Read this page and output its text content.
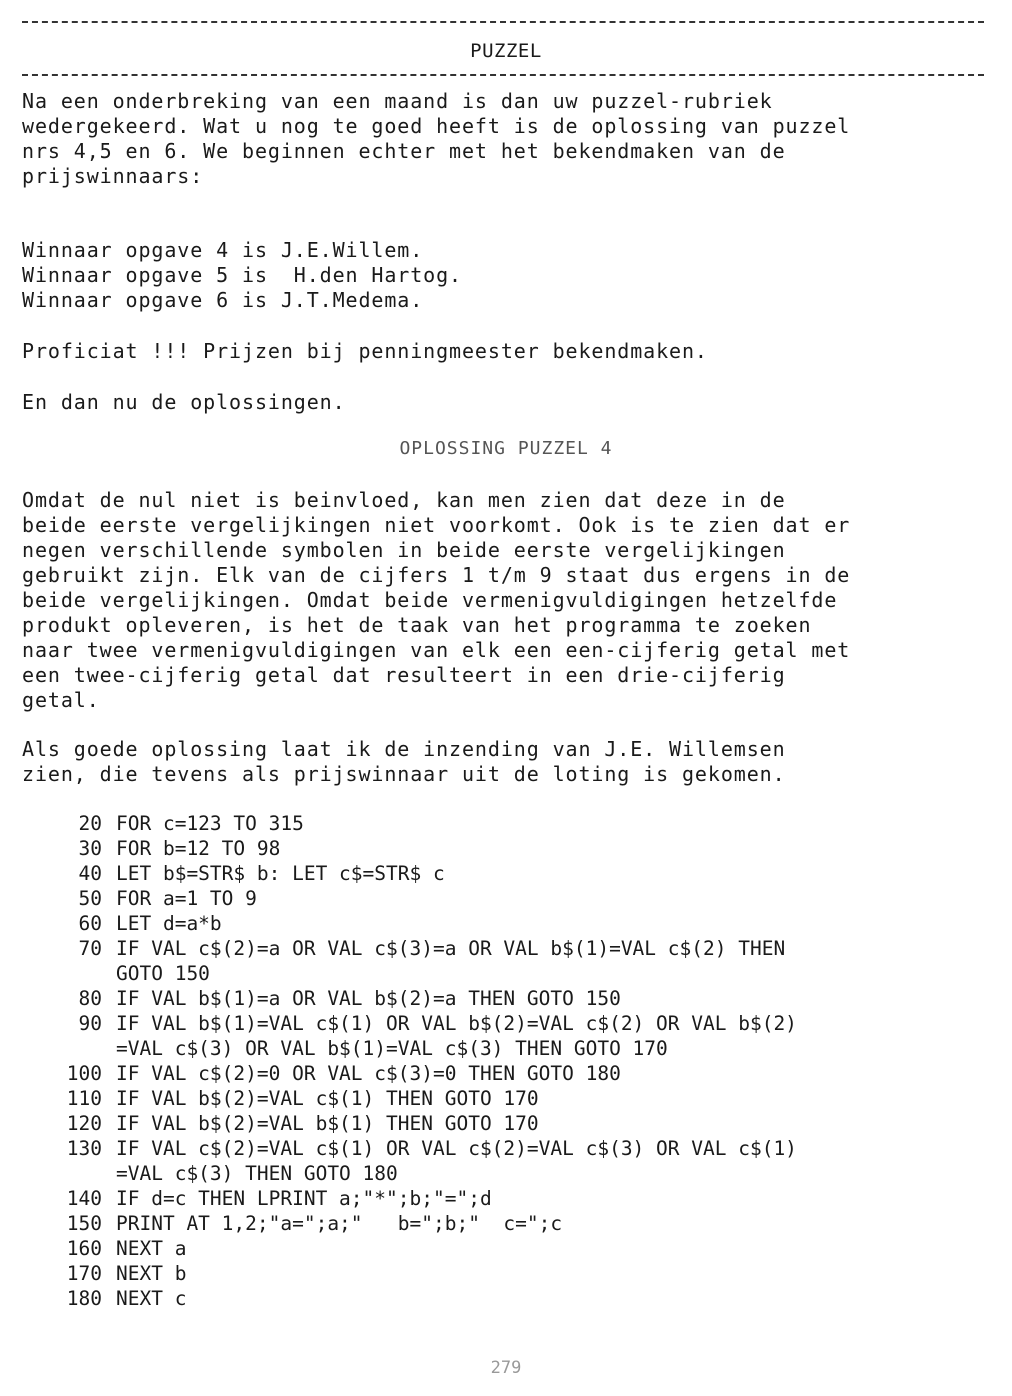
PUZZEL
Na een onderbreking van een maand is dan uw puzzel-rubriek
wedergekeerd. Wat u nog te goed heeft is de oplossing van puzzel
nrs 4,5 en 6. We beginnen echter met het bekendmaken van de
prijswinnaars:
Winnaar opgave 4 is J.E.Willem.
Winnaar opgave 5 is  H.den Hartog.
Winnaar opgave 6 is J.T.Medema.
Proficiat !!! Prijzen bij penningmeester bekendmaken.
En dan nu de oplossingen.
OPLOSSING PUZZEL 4
Omdat de nul niet is beinvloed, kan men zien dat deze in de
beide eerste vergelijkingen niet voorkomt. Ook is te zien dat er
negen verschillende symbolen in beide eerste vergelijkingen
gebruikt zijn. Elk van de cijfers 1 t/m 9 staat dus ergens in de
beide vergelijkingen. Omdat beide vermenigvuldigingen hetzelfde
produkt opleveren, is het de taak van het programma te zoeken
naar twee vermenigvuldigingen van elk een een-cijferig getal met
een twee-cijferig getal dat resulteert in een drie-cijferig
getal.
Als goede oplossing laat ik de inzending van J.E. Willemsen
zien, die tevens als prijswinnaar uit de loting is gekomen.
20 FOR c=123 TO 315
30 FOR b=12 TO 98
40 LET b$=STR$ b: LET c$=STR$ c
50 FOR a=1 TO 9
60 LET d=a*b
70 IF VAL c$(2)=a OR VAL c$(3)=a OR VAL b$(1)=VAL c$(2) THEN
GOTO 150
80 IF VAL b$(1)=a OR VAL b$(2)=a THEN GOTO 150
90 IF VAL b$(1)=VAL c$(1) OR VAL b$(2)=VAL c$(2) OR VAL b$(2)
=VAL c$(3) OR VAL b$(1)=VAL c$(3) THEN GOTO 170
100 IF VAL c$(2)=0 OR VAL c$(3)=0 THEN GOTO 180
110 IF VAL b$(2)=VAL c$(1) THEN GOTO 170
120 IF VAL b$(2)=VAL b$(1) THEN GOTO 170
130 IF VAL c$(2)=VAL c$(1) OR VAL c$(2)=VAL c$(3) OR VAL c$(1)
=VAL c$(3) THEN GOTO 180
140 IF d=c THEN LPRINT a;"*";b;"=";d
150 PRINT AT 1,2;"a=";a;"   b=";b;"  c=";c
160 NEXT a
170 NEXT b
180 NEXT c
279
